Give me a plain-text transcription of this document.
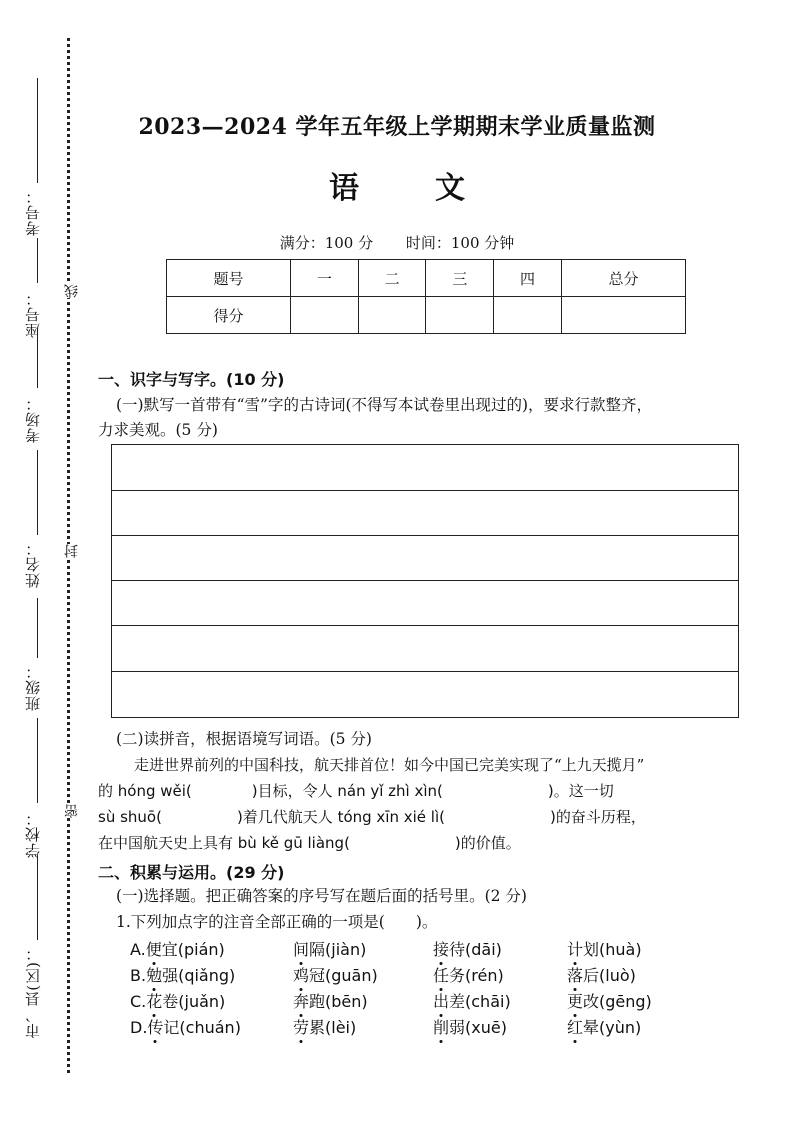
考号：
座号：
考场：
姓名：
班级：
学校：
市、县(区)：
线
封
密
2023—2024 学年五年级上学期期末学业质量监测
语	文
满分：100 分 时间：100 分钟
题号	一	二	三	四	总分
得分					
一、识字与写字。(10 分)
(一)默写一首带有“雪”字的古诗词(不得写本试卷里出现过的)，要求行款整齐，
力求美观。(5 分)
(二)读拼音，根据语境写词语。(5 分)
走进世界前列的中国科技，航天排首位！如今中国已完美实现了“上九天揽月”
的 hóng wěi(　　　　)目标，令人 nán yǐ zhì xìn(　　　　　　　)。这一切
sù shuō(　　　　　)着几代航天人 tóng xīn xié lì(　　　　　　　)的奋斗历程，
在中国航天史上具有 bù kě gū liàng(　　　　　　　)的价值。
二、积累与运用。(29 分)
(一)选择题。把正确答案的序号写在题后面的括号里。(2 分)
1.下列加点字的注音全部正确的一项是(　　)。
A.便宜(pián)	间隔(jiàn)	接待(dāi)	计划(huà)
B.勉强(qiǎng)	鸡冠(guān)	任务(rén)	落后(luò)
C.花卷(juǎn)	奔跑(bēn)	出差(chāi)	更改(gēng)
D.传记(chuán)	劳累(lèi)	削弱(xuē)	红晕(yùn)
